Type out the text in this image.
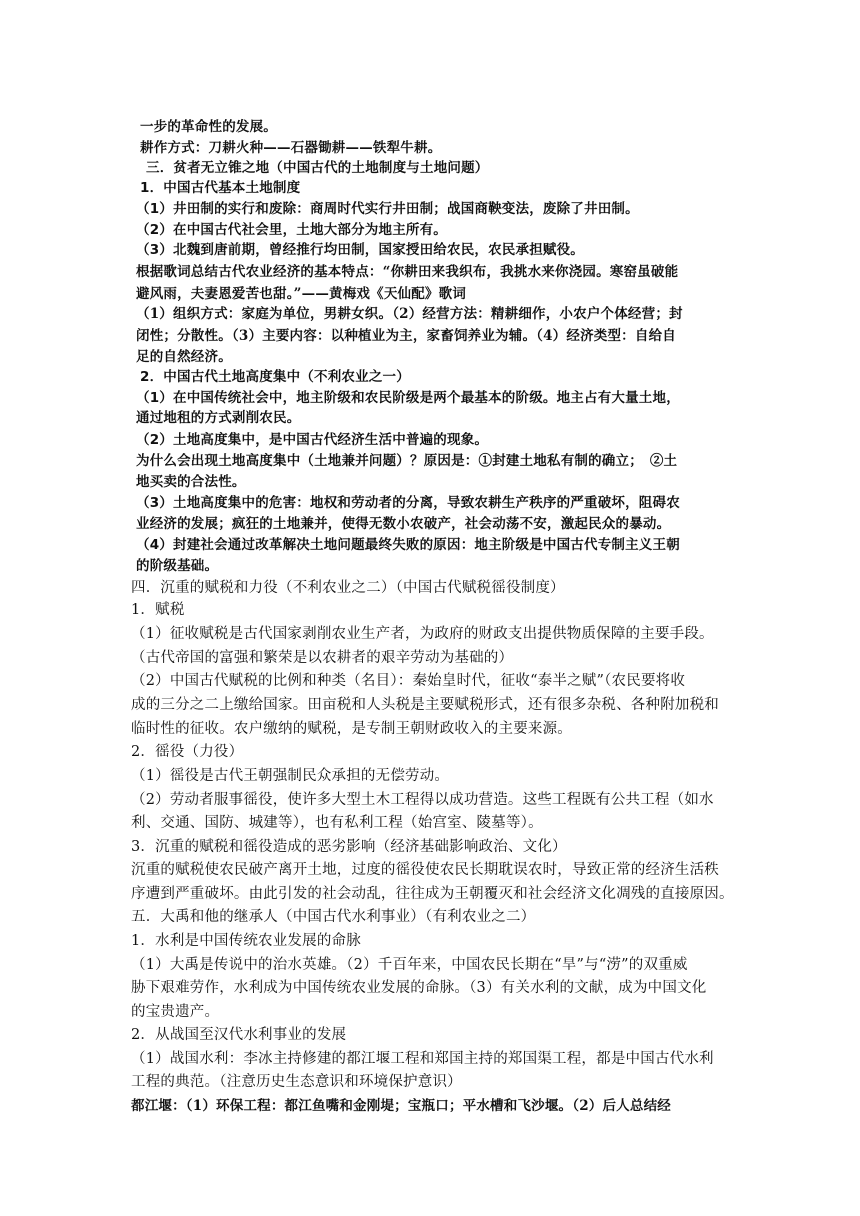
一步的革命性的发展。
耕作方式：刀耕火种——石器锄耕——铁犁牛耕。
三．贫者无立锥之地（中国古代的土地制度与土地问题）
1．中国古代基本土地制度
（1）井田制的实行和废除：商周时代实行井田制；战国商鞅变法，废除了井田制。
（2）在中国古代社会里，土地大部分为地主所有。
（3）北魏到唐前期，曾经推行均田制，国家授田给农民，农民承担赋役。
根据歌词总结古代农业经济的基本特点：“你耕田来我织布，我挑水来你浇园。寒窑虽破能
避风雨，夫妻恩爱苦也甜。”——黄梅戏《天仙配》歌词
（1）组织方式：家庭为单位，男耕女织。（2）经营方法：精耕细作，小农户个体经营；封
闭性；分散性。（3）主要内容：以种植业为主，家畜饲养业为辅。（4）经济类型：自给自
足的自然经济。
2．中国古代土地高度集中（不利农业之一）
（1）在中国传统社会中，地主阶级和农民阶级是两个最基本的阶级。地主占有大量土地，
通过地租的方式剥削农民。
（2）土地高度集中，是中国古代经济生活中普遍的现象。
为什么会出现土地高度集中（土地兼并问题）？原因是：①封建土地私有制的确立；　②土
地买卖的合法性。
（3）土地高度集中的危害：地权和劳动者的分离，导致农耕生产秩序的严重破坏，阻碍农
业经济的发展；疯狂的土地兼并，使得无数小农破产，社会动荡不安，激起民众的暴动。
（4）封建社会通过改革解决土地问题最终失败的原因：地主阶级是中国古代专制主义王朝
的阶级基础。
四．沉重的赋税和力役（不利农业之二）（中国古代赋税徭役制度）
1．赋税
（1）征收赋税是古代国家剥削农业生产者，为政府的财政支出提供物质保障的主要手段。
（古代帝国的富强和繁荣是以农耕者的艰辛劳动为基础的）
（2）中国古代赋税的比例和种类（名目）：秦始皇时代，征收“泰半之赋”（农民要将收
成的三分之二上缴给国家。田亩税和人头税是主要赋税形式，还有很多杂税、各种附加税和
临时性的征收。农户缴纳的赋税，是专制王朝财政收入的主要来源。
2．徭役（力役）
（1）徭役是古代王朝强制民众承担的无偿劳动。
（2）劳动者服事徭役，使许多大型土木工程得以成功营造。这些工程既有公共工程（如水
利、交通、国防、城建等），也有私利工程（始宫室、陵墓等）。
3．沉重的赋税和徭役造成的恶劣影响（经济基础影响政治、文化）
沉重的赋税使农民破产离开土地，过度的徭役使农民长期耽误农时，导致正常的经济生活秩
序遭到严重破坏。由此引发的社会动乱，往往成为王朝覆灭和社会经济文化凋残的直接原因。
五．大禹和他的继承人（中国古代水利事业）（有利农业之二）
1．水利是中国传统农业发展的命脉
（1）大禹是传说中的治水英雄。（2）千百年来，中国农民长期在“旱”与“涝”的双重威
胁下艰难劳作，水利成为中国传统农业发展的命脉。（3）有关水利的文献，成为中国文化
的宝贵遗产。
2．从战国至汉代水利事业的发展
（1）战国水利：李冰主持修建的都江堰工程和郑国主持的郑国渠工程，都是中国古代水利
工程的典范。（注意历史生态意识和环境保护意识）
都江堰：（1）环保工程：都江鱼嘴和金刚堤；宝瓶口；平水槽和飞沙堰。（2）后人总结经
